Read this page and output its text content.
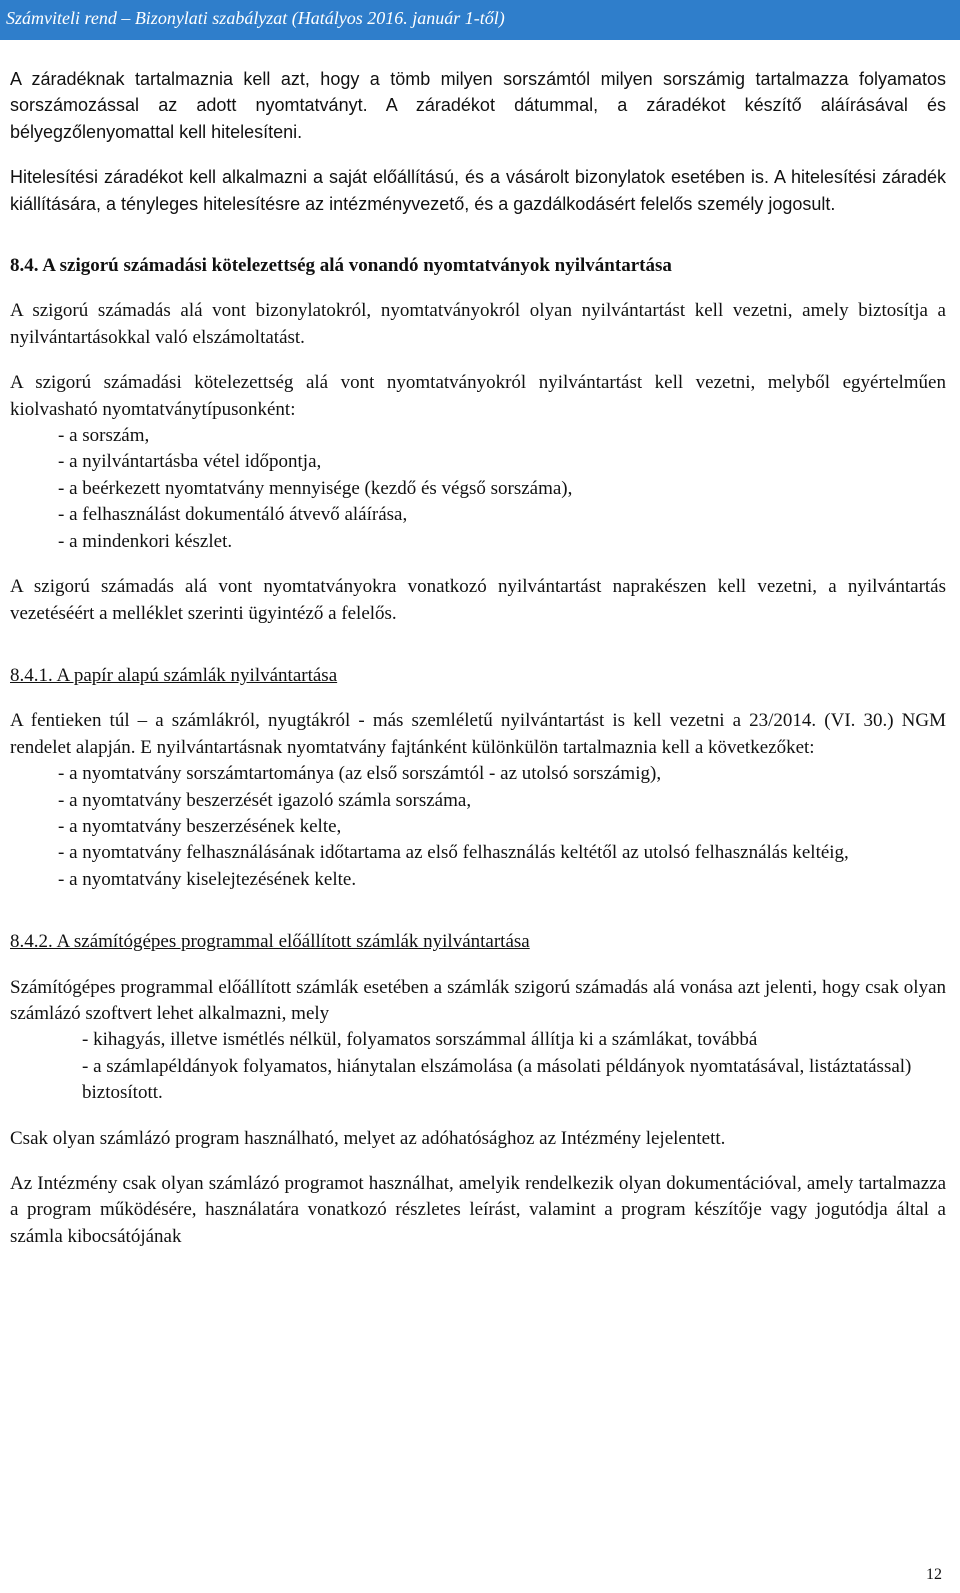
Számviteli rend – Bizonylati szabályzat (Hatályos 2016. január 1-től)

A záradéknak tartalmaznia kell azt, hogy a tömb milyen sorszámtól milyen sorszámig tartalmazza folyamatos sorszámozással az adott nyomtatványt. A záradékot dátummal, a záradékot készítő aláírásával és bélyegzőlenyomattal kell hitelesíteni.

Hitelesítési záradékot kell alkalmazni a saját előállítású, és a vásárolt bizonylatok esetében is. A hitelesítési záradék kiállítására, a tényleges hitelesítésre az intézményvezető, és a gazdálkodásért felelős személy jogosult.

8.4. A szigorú számadási kötelezettség alá vonandó nyomtatványok nyilvántartása

A szigorú számadás alá vont bizonylatokról, nyomtatványokról olyan nyilvántartást kell vezetni, amely biztosítja a nyilvántartásokkal való elszámoltatást.

A szigorú számadási kötelezettség alá vont nyomtatványokról nyilvántartást kell vezetni, melyből egyértelműen kiolvasható nyomtatványtípusonként:

- a sorszám,

- a nyilvántartásba vétel időpontja,

- a beérkezett nyomtatvány mennyisége (kezdő és végső sorszáma),

- a felhasználást dokumentáló átvevő aláírása,

- a mindenkori készlet.

A szigorú számadás alá vont nyomtatványokra vonatkozó nyilvántartást naprakészen kell vezetni, a nyilvántartás vezetéséért a melléklet szerinti ügyintéző a felelős.

8.4.1. A papír alapú számlák nyilvántartása

A fentieken túl – a számlákról, nyugtákról - más szemléletű nyilvántartást is kell vezetni a 23/2014. (VI. 30.) NGM rendelet alapján. E nyilvántartásnak nyomtatvány fajtánként különkülön tartalmaznia kell a következőket:

- a nyomtatvány sorszámtartománya (az első sorszámtól - az utolsó sorszámig),

- a nyomtatvány beszerzését igazoló számla sorszáma,

- a nyomtatvány beszerzésének kelte,

- a nyomtatvány felhasználásának időtartama az első felhasználás keltétől az utolsó felhasználás keltéig,

- a nyomtatvány kiselejtezésének kelte.

8.4.2. A számítógépes programmal előállított számlák nyilvántartása

Számítógépes programmal előállított számlák esetében a számlák szigorú számadás alá vonása azt jelenti, hogy csak olyan számlázó szoftvert lehet alkalmazni, mely

- kihagyás, illetve ismétlés nélkül, folyamatos sorszámmal állítja ki a számlákat, továbbá

- a számlapéldányok folyamatos, hiánytalan elszámolása (a másolati példányok nyomtatásával, listáztatással) biztosított.

Csak olyan számlázó program használható, melyet az adóhatósághoz az Intézmény lejelentett.

Az Intézmény csak olyan számlázó programot használhat, amelyik rendelkezik olyan dokumentációval, amely tartalmazza a program működésére, használatára vonatkozó részletes leírást, valamint a program készítője vagy jogutódja által a számla kibocsátójának

12
